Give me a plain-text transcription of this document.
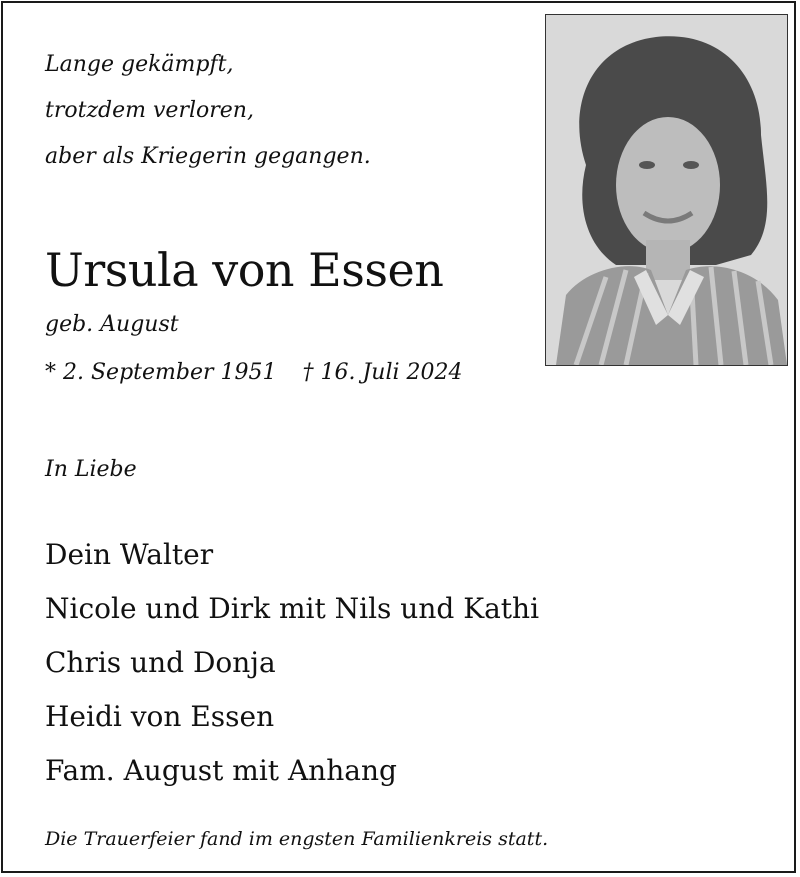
Lange gekämpft,
trotzdem verloren,
aber als Kriegerin gegangen.
Ursula von Essen
geb. August
* 2. September 1951 † 16. Juli 2024
In Liebe
Dein Walter
Nicole und Dirk mit Nils und Kathi
Chris und Donja
Heidi von Essen
Fam. August mit Anhang
Die Trauerfeier fand im engsten Familienkreis statt.
